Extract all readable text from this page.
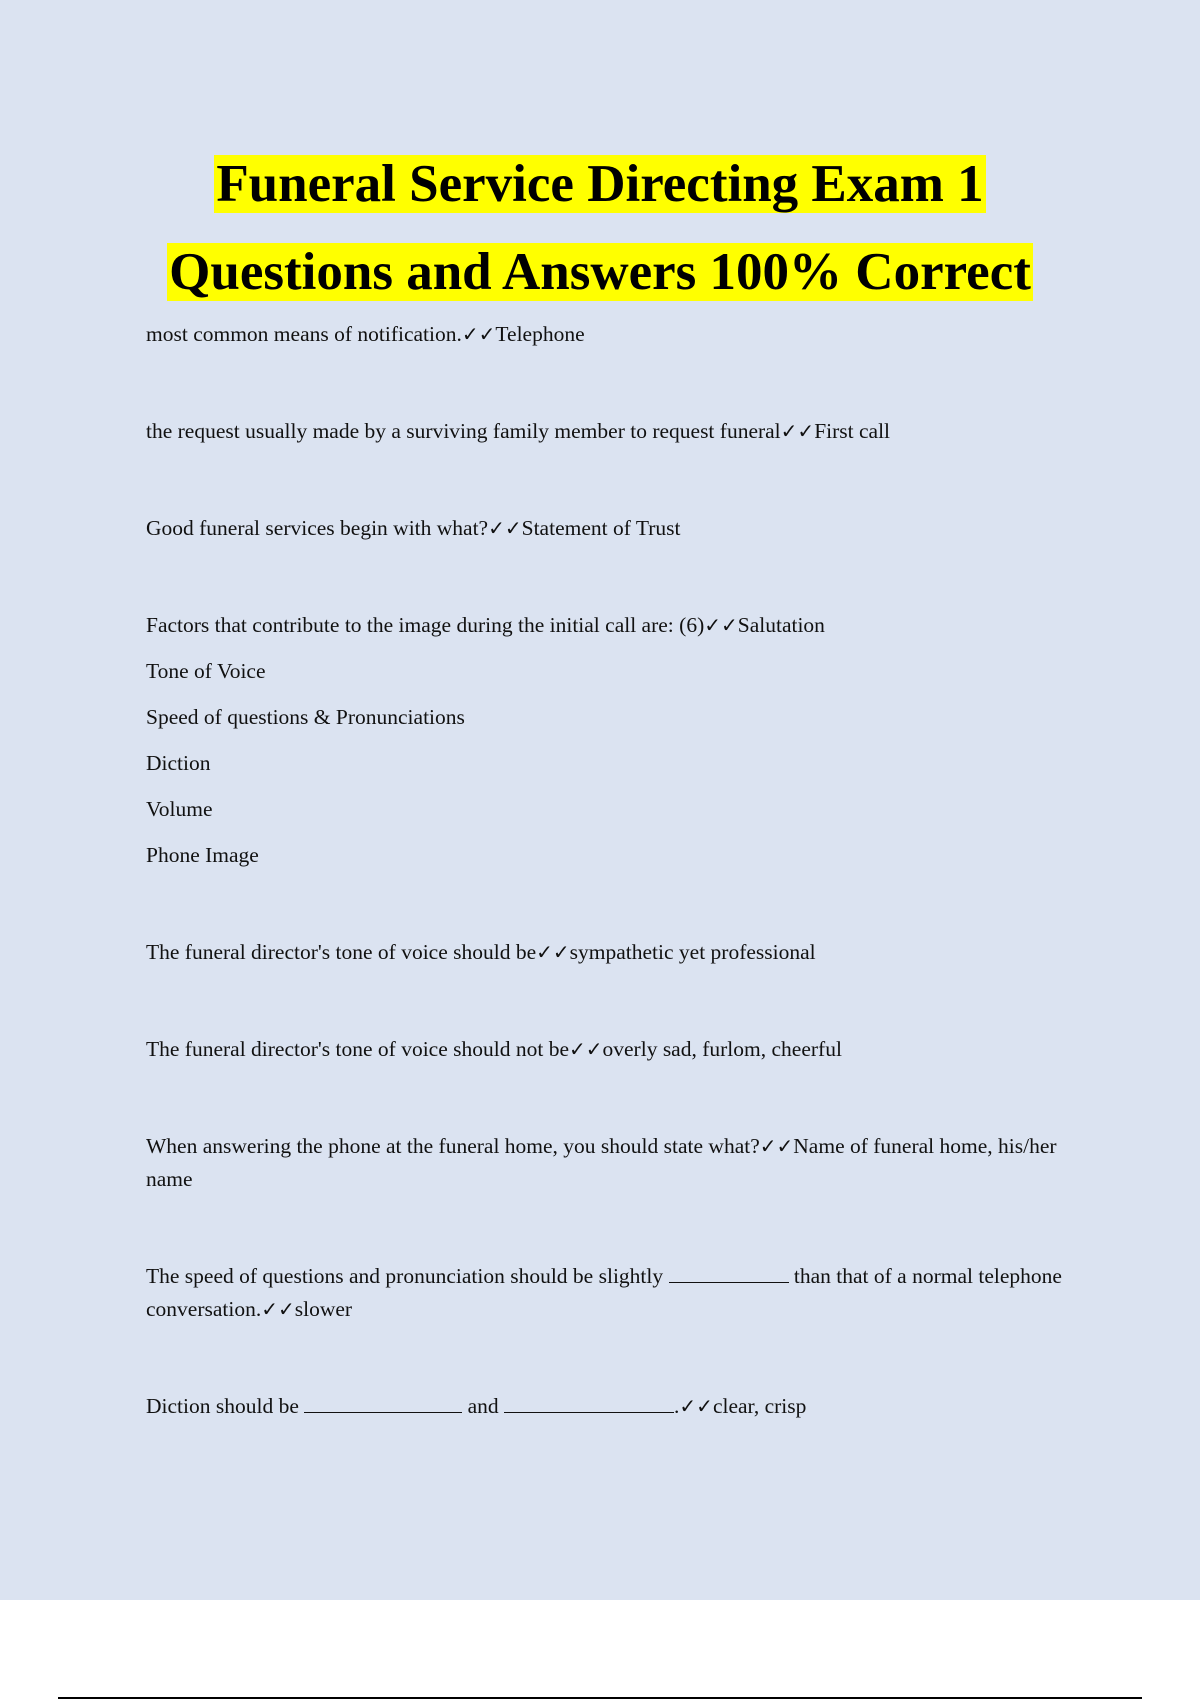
Funeral Service Directing Exam 1
Questions and Answers 100% Correct
most common means of notification.✓✓Telephone
the request usually made by a surviving family member to request funeral✓✓First call
Good funeral services begin with what?✓✓Statement of Trust
Factors that contribute to the image during the initial call are: (6)✓✓Salutation
Tone of Voice
Speed of questions & Pronunciations
Diction
Volume
Phone Image
The funeral director's tone of voice should be✓✓sympathetic yet professional
The funeral director's tone of voice should not be✓✓overly sad, furlom, cheerful
When answering the phone at the funeral home, you should state what?✓✓Name of funeral home, his/her name
The speed of questions and pronunciation should be slightly	than that of a normal telephone conversation.✓✓slower
Diction should be	and	.✓✓clear, crisp
